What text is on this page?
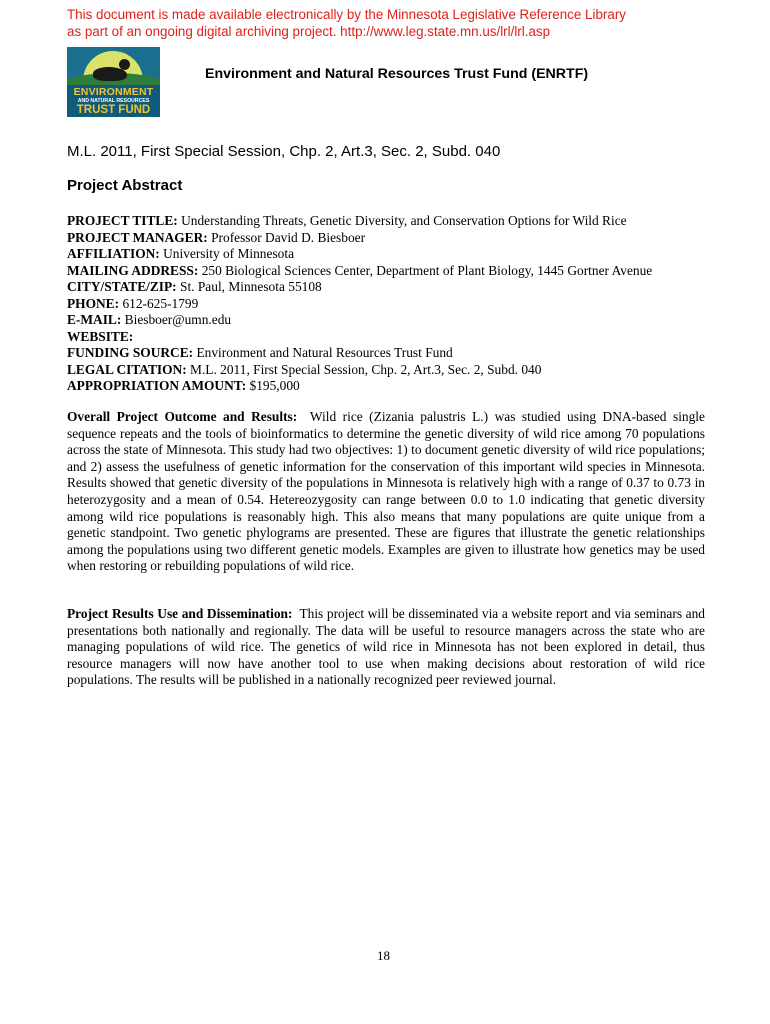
This document is made available electronically by the Minnesota Legislative Reference Library
as part of an ongoing digital archiving project. http://www.leg.state.mn.us/lrl/lrl.asp
ENVIRONMENT
AND NATURAL RESOURCES
TRUST FUND
Environment and Natural Resources Trust Fund (ENRTF)
M.L. 2011, First Special Session, Chp. 2, Art.3, Sec. 2, Subd. 040
Project Abstract
PROJECT TITLE: Understanding Threats, Genetic Diversity, and Conservation Options for Wild Rice
PROJECT MANAGER: Professor David D. Biesboer
AFFILIATION: University of Minnesota
MAILING ADDRESS: 250 Biological Sciences Center, Department of Plant Biology, 1445 Gortner Avenue
CITY/STATE/ZIP: St. Paul, Minnesota 55108
PHONE: 612-625-1799
E-MAIL: Biesboer@umn.edu
WEBSITE:
FUNDING SOURCE: Environment and Natural Resources Trust Fund
LEGAL CITATION: M.L. 2011, First Special Session, Chp. 2, Art.3, Sec. 2, Subd. 040
APPROPRIATION AMOUNT: $195,000
Overall Project Outcome and Results: Wild rice (Zizania palustris L.) was studied using DNA-based single sequence repeats and the tools of bioinformatics to determine the genetic diversity of wild rice among 70 populations across the state of Minnesota. This study had two objectives: 1) to document genetic diversity of wild rice populations; and 2) assess the usefulness of genetic information for the conservation of this important wild species in Minnesota. Results showed that genetic diversity of the populations in Minnesota is relatively high with a range of 0.37 to 0.73 in heterozygosity and a mean of 0.54. Hetereozygosity can range between 0.0 to 1.0 indicating that genetic diversity among wild rice populations is reasonably high. This also means that many populations are quite unique from a genetic standpoint. Two genetic phylograms are presented. These are figures that illustrate the genetic relationships among the populations using two different genetic models. Examples are given to illustrate how genetics may be used when restoring or rebuilding populations of wild rice.
Project Results Use and Dissemination: This project will be disseminated via a website report and via seminars and presentations both nationally and regionally. The data will be useful to resource managers across the state who are managing populations of wild rice. The genetics of wild rice in Minnesota has not been explored in detail, thus resource managers will now have another tool to use when making decisions about restoration of wild rice populations. The results will be published in a nationally recognized peer reviewed journal.
18
